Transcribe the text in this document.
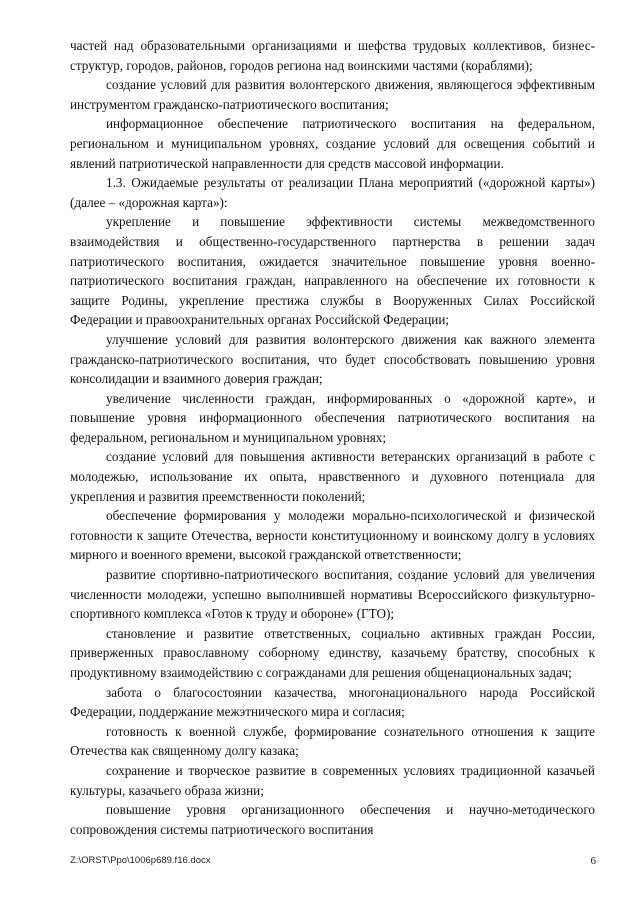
частей над образовательными организациями и шефства трудовых коллективов, бизнес-структур, городов, районов, городов региона над воинскими частями (кораблями);

создание условий для развития волонтерского движения, являющегося эффективным инструментом гражданско-патриотического воспитания;

информационное обеспечение патриотического воспитания на федеральном, региональном и муниципальном уровнях, создание условий для освещения событий и явлений патриотической направленности для средств массовой информации.

1.3. Ожидаемые результаты от реализации Плана мероприятий («дорожной карты») (далее – «дорожная карта»):

укрепление и повышение эффективности системы межведомственного взаимодействия и общественно-государственного партнерства в решении задач патриотического воспитания, ожидается значительное повышение уровня военно-патриотического воспитания граждан, направленного на обеспечение их готовности к защите Родины, укрепление престижа службы в Вооруженных Силах Российской Федерации и правоохранительных органах Российской Федерации;

улучшение условий для развития волонтерского движения как важного элемента гражданско-патриотического воспитания, что будет способствовать повышению уровня консолидации и взаимного доверия граждан;

увеличение численности граждан, информированных о «дорожной карте», и повышение уровня информационного обеспечения патриотического воспитания на федеральном, региональном и муниципальном уровнях;

создание условий для повышения активности ветеранских организаций в работе с молодежью, использование их опыта, нравственного и духовного потенциала для укрепления и развития преемственности поколений;

обеспечение формирования у молодежи морально-психологической и физической готовности к защите Отечества, верности конституционному и воинскому долгу в условиях мирного и военного времени, высокой гражданской ответственности;

развитие спортивно-патриотического воспитания, создание условий для увеличения численности молодежи, успешно выполнившей нормативы Всероссийского физкультурно-спортивного комплекса «Готов к труду и обороне» (ГТО);

становление и развитие ответственных, социально активных граждан России, приверженных православному соборному единству, казачьему братству, способных к продуктивному взаимодействию с согражданами для решения общенациональных задач;

забота о благосостоянии казачества, многонационального народа Российской Федерации, поддержание межэтнического мира и согласия;

готовность к военной службе, формирование сознательного отношения к защите Отечества как священному долгу казака;

сохранение и творческое развитие в современных условиях традиционной казачьей культуры, казачьего образа жизни;

повышение уровня организационного обеспечения и научно-методического сопровождения системы патриотического воспитания

Z:\ORST\Ppo\1006p689.f16.docx	6
